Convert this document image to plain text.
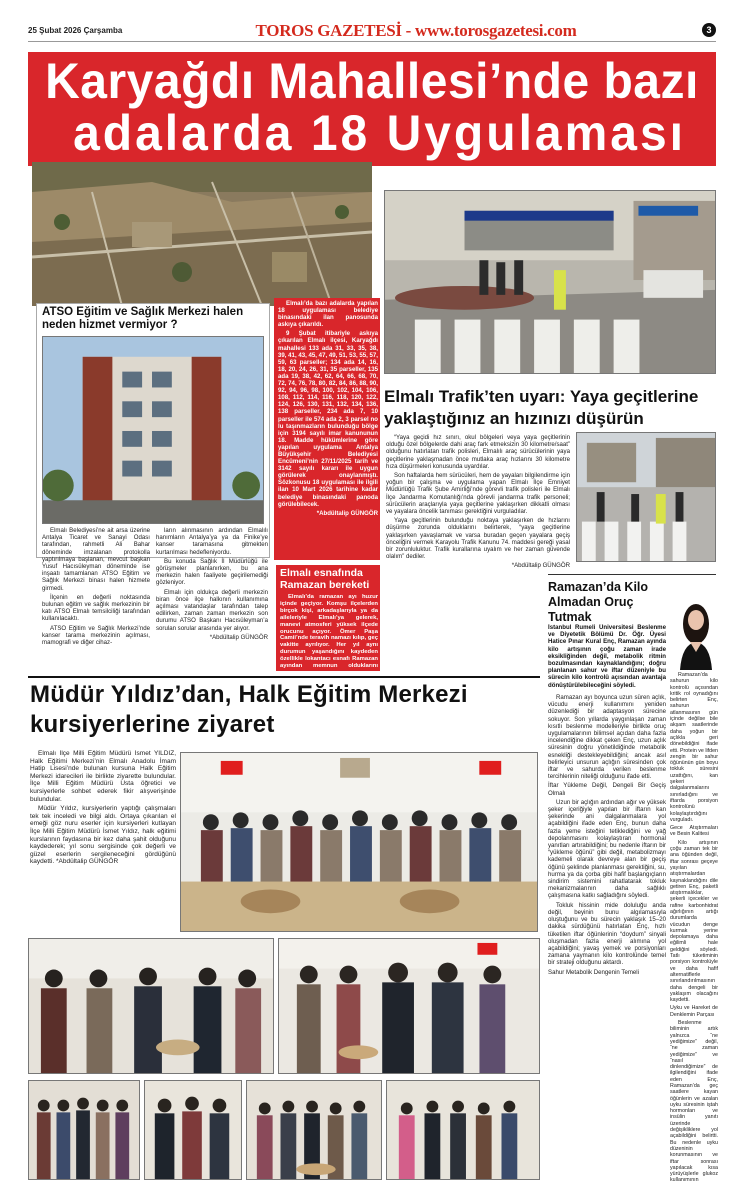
25 Şubat 2026 Çarşamba	TOROS GAZETESİ - www.torosgazetesi.com	3
Karyağdı Mahallesi’nde bazı
adalarda 18 Uygulaması

Elmalı’da bazı adalarda yapılan 18 uygulaması belediye binasındaki ilan panosunda askıya çıkarıldı.

9 Şubat itibariyle askıya çıkarılan Elmalı ilçesi, Karyağdı mahallesi 133 ada 31, 33, 35, 38, 39, 41, 43, 45, 47, 49, 51, 53, 55, 57, 59, 63 parseller; 134 ada 14, 16, 18, 20, 24, 26, 31, 35 parseller, 135 ada 19, 38, 42, 62, 64, 66, 68, 70, 72, 74, 76, 78, 80, 82, 84, 86, 88, 90, 92, 94, 96, 98, 100, 102, 104, 106, 108, 112, 114, 116, 118, 120, 122, 124, 126, 130, 131, 132, 134, 136, 138 parseller, 234 ada 7, 10 parseller ile 574 ada 2, 3 parsel no lu taşınmazların bulunduğu bölge için 3194 sayılı imar kanununun 18. Madde hükümlerine göre yapılan uygulama Antalya Büyükşehir Belediyesi Encümeni’nin 27/11/2025 tarih ve 3142 sayılı kararı ile uygun görülerek onaylanmıştı. Sözkonusu 18 uygulaması ile ilgili ilan 10 Mart 2026 tarihine kadar belediye binasındaki panoda görülebilecek.

*Abdültalip GÜNGÖR

ATSO Eğitim ve Sağlık Merkezi halen neden hizmet vermiyor ?

Elmalı Belediyesi’ne ait arsa üzerine Antalya Ticaret ve Sanayi Odası tarafından, rahmetli Ali Bahar döneminde imzalanan protokolla yaptırılmaya başlanan, mevcut başkan Yusuf Hacısüleyman döneminde ise inşaatı tamamlanan ATSO Eğitim ve Sağlık Merkezi binası halen hizmete girmedi.

İlçenin en değerli noktasında bulunan eğitim ve sağlık merkezinin bir katı ATSO Elmalı temsilciliği tarafından kullanılacaktı.

ATSO Eğitim ve Sağlık Merkezi’nde kanser tarama merkezinin açılması, mamografi ve diğer cihaz-

ların alınmasının ardından Elmalılı hanımların Antalya’ya ya da Finike’ye kanser taramasına gitmekten kurtarılması hedefleniyordu.

Bu konuda Sağlık İl Müdürlüğü ile görüşmeler planlanırken, bu ana merkezin halen faaliyete geçirilemediği gözleniyor.

Elmalı için oldukça değerli merkezin biran önce ilçe halkının kullanımına açılması vatandaşlar tarafından talep edilirken, zaman zaman merkezin son durumu ATSO Başkanı Hacısüleyman’a sorulan sorular arasında yer alıyor.

*Abdültalip GÜNGÖR

Elmalı esnafında Ramazan bereketi

Elmalı’da ramazan ayı huzur içinde geçiyor. Komşu ilçelerden birçok kişi, arkadaşlarıyla ya da aileleriyle Elmalı’ya gelerek, manevi atmosferi yüksek ilçede orucunu açıyor. Ömer Paşa Camii’nde teravih namazı kılıp, geç vakitte ayrılıyor. Her yıl aynı durumun yaşandığını kaydeden özellikle lokantacı esnafı Ramazan ayından memnun olduklarını

Elmalı Trafik’ten uyarı: Yaya geçitlerine yaklaştığınız an hızınızı düşürün

“Yaya geçidi hız sınırı, okul bölgeleri veya yaya geçitlerinin olduğu özel bölgelerde dahi araç fark etmeksizin 30 kilometre/saat” olduğunu hatırlatan trafik polisleri, Elmalılı araç sürücülerinin yaya geçitlerine yaklaşmadan önce mutlaka araç hızlarını 30 kilometre hıza düşürmeleri konusunda uyardılar.

Son haftalarda hem sürücüleri, hem de yayaları bilgilendirme için yoğun bir çalışma ve uygulama yapan Elmalı İlçe Emniyet Müdürlüğü Trafik Şube Amirliği’nde görevli trafik polisleri ile Elmalı İlçe Jandarma Komutanlığı’nda görevli jandarma trafik personeli; sürücülerin araçlarıyla yaya geçitlerine yaklaşırken dikkatli olması ve yayalara öncelik tanıması gerektiğini vurguladılar.

Yaya geçitlerinin bulunduğu noktaya yaklaşırken de hızlarını düşürme zorunda olduklarını belirterek, “yaya geçitlerine yaklaşırken yavaşlamak ve varsa buradan geçen yayalara geçiş önceliğini vermek Karayolu Trafik Kanunu 74. maddesi gereği yasal bir zorunluluktur. Trafik kurallarına uyalım ve her zaman güvende olalım” dediler.

*Abdültalip GÜNGÖR

Ramazan’da Kilo Almadan Oruç Tutmak
İstanbul Rumeli Üniversitesi Beslenme ve Diyetetik Bölümü Dr. Öğr. Üyesi Hatice Pınar Kural Enç, Ramazan ayında kilo artışının çoğu zaman irade eksikliğinden değil, metabolik ritmin bozulmasından kaynaklandığını; doğru planlanan sahur ve iftar düzeniyle bu sürecin kilo kontrolü açısından avantaja dönüştürülebileceğini söyledi.

Ramazan ayı boyunca uzun süren açlık, vücudu enerji kullanımını yeniden düzenlediği bir adaptasyon sürecine sokuyor. Son yıllarda yaygınlaşan zaman kısıtlı beslenme modelleriyle birlikte oruç uygulamalarının bilimsel açıdan daha fazla incelendiğine dikkat çeken Enç, uzun açlık süresinin doğru yönetildiğinde metabolik esnekliği destekleyebildiğini; ancak asıl belirleyici unsurun açlığın süresinden çok iftar ve sahurda verilen beslenme tercihlerinin niteliği olduğunu ifade etti.

İftar Yükleme Değil, Dengeli Bir Geçiş Olmalı

Uzun bir açlığın ardından ağır ve yüksek şeker içeriğiyle yapılan bir iftarın kan şekerinde ani dalgalanmalara yol açabildiğini ifade eden Enç, bunun daha fazla yeme isteğini tetiklediğini ve yağ depolanmasını kolaylaştıran hormonal yanıtları artırabildiğini; bu nedenle iftarın bir “yükleme öğünü” gibi değil, metabolizmayı kademeli olarak devreye alan bir geçiş öğünü şeklinde planlanması gerektiğini, su, hurma ya da çorba gibi hafif başlangıçların sindirim sistemini rahatlatarak tokluk mekanizmalarının daha sağlıklı çalışmasına katkı sağladığını söyledi.

Tokluk hissinin mide doluluğu anda değil, beyinin bunu algılamasıyla oluştuğunu ve bu sürecin yaklaşık 15–20 dakika sürdüğünü hatırlatan Enç, hızlı tüketilen iftar öğünlerinin “doydum” sinyali oluşmadan fazla enerji alımına yol açabildiğini; yavaş yemek ve porsiyonları zamana yaymanın kilo kontrolünde temel bir strateji olduğunu aktardı.

Sahur Metabolik Dengenin Temeli

Ramazan’da sahurun kilo kontrolü açısından kritik rol oynadığını belirten Enç, sahurun atlanmasının gün içinde değilse bile akşam saatlerinde daha yoğun bir açlıkla geri dönebildiğini ifade etti. Protein ve lifden zengin bir sahur öğününün gün boyu tokluk süresini uzattığını, kan şekeri dalgalanmalarını sınırladığını ve iftarda porsiyon kontrolünü kolaylaştırdığını vurguladı.

Gece Atıştırmaları ve Besin Kalitesi

Kilo artışının çoğu zaman tek bir ana öğünden değil, iftar sonrası geçeye yayılan atıştırmalardan kaynaklandığını dile getiren Enç, paketli atıştırmalıklar, şekerli içecekler ve rafine karbonhidrat ağırlığının artığı durumlarda vücudun denge kurmak yerine depolamaya daha eğilimli hale geldiğini söyledi. Tatlı tüketiminin porsiyon kontrolüyle ve daha hafif alternatiflerle sınırlandırılmasının daha dengeli bir yaklaşım olacağını kaydetti.

Uyku ve Hareket de Denklemin Parçası

Beslenme biliminin artık yalnızca “ne yediğimize” değil, “ne zaman yediğimize” ve “nasıl dinlendiğimize” de ilgilendiğini ifade eden Enç, Ramazan’da geç saatlere kayan öğünlerin ve azalan uyku süresinin iştah hormonları ve insülin yanıtı üzerinde değişikliklere yol açabildiğini belirtti. Bu nedenle uyku düzeninin korunmasının ve iftar sonrası yapılacak kısa yürüyüşlerle glukoz kullanımının

Müdür Yıldız’dan, Halk Eğitim Merkezi
kursiyerlerine ziyaret

Elmalı İlçe Milli Eğitim Müdürü İsmet YILDIZ, Halk Eğitimi Merkezi’nin Elmalı Anadolu İmam Hatip Lisesi’nde bulunan kursuna Halk Eğitim Merkezi idarecileri ile birlikte ziyarette bulundular. İlçe Milli Eğitim Müdürü Usta öğretici ve kursiyerlerle sohbet ederek fikir alışverişinde bulundular.

Müdür Yıldız, kursiyerlerin yaptığı çalışmaları tek tek inceledi ve bilgi aldı. Ortaya çıkarılan el emeği göz nuru eserler için kursiyerleri kutlayan İlçe Milli Eğitim Müdürü İsmet Yıldız, halk eğitimi kurslarının faydasına bir kez daha şahit olduğunu kaydederek; yıl sonu sergisinde çok değerli ve güzel eserlerin sergileneceğini gördüğünü kaydetti. *Abdültalip GÜNGÖR
